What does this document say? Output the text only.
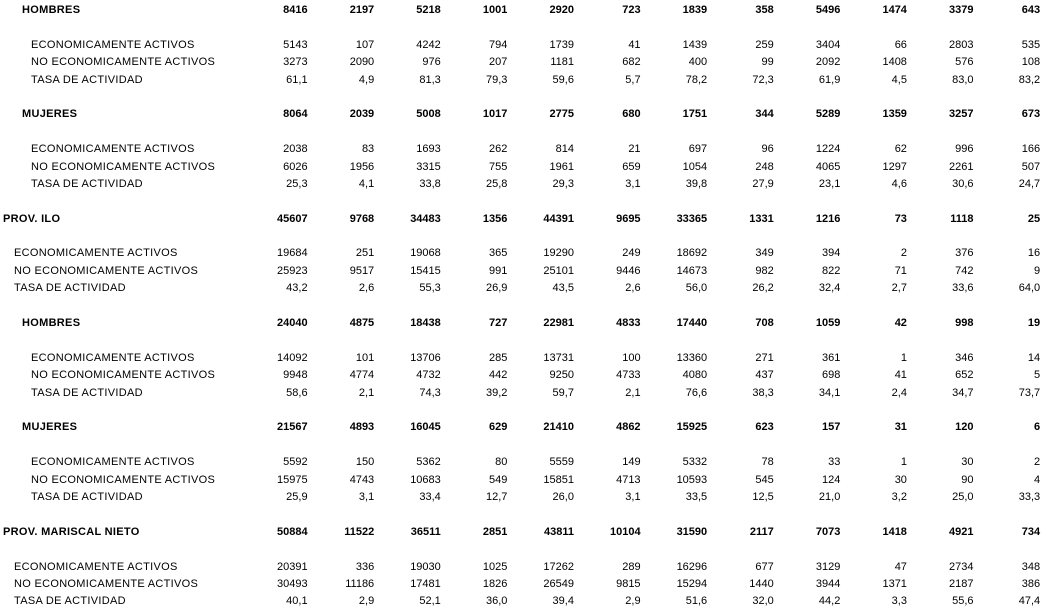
HOMBRES	8416	2197	5218	1001	2920	723	1839	358	5496	1474	3379	643
ECONOMICAMENTE ACTIVOS	5143	107	4242	794	1739	41	1439	259	3404	66	2803	535
NO ECONOMICAMENTE ACTIVOS	3273	2090	976	207	1181	682	400	99	2092	1408	576	108
TASA DE ACTIVIDAD	61,1	4,9	81,3	79,3	59,6	5,7	78,2	72,3	61,9	4,5	83,0	83,2
MUJERES	8064	2039	5008	1017	2775	680	1751	344	5289	1359	3257	673
ECONOMICAMENTE ACTIVOS	2038	83	1693	262	814	21	697	96	1224	62	996	166
NO ECONOMICAMENTE ACTIVOS	6026	1956	3315	755	1961	659	1054	248	4065	1297	2261	507
TASA DE ACTIVIDAD	25,3	4,1	33,8	25,8	29,3	3,1	39,8	27,9	23,1	4,6	30,6	24,7
PROV. ILO	45607	9768	34483	1356	44391	9695	33365	1331	1216	73	1118	25
ECONOMICAMENTE ACTIVOS	19684	251	19068	365	19290	249	18692	349	394	2	376	16
NO ECONOMICAMENTE ACTIVOS	25923	9517	15415	991	25101	9446	14673	982	822	71	742	9
TASA DE ACTIVIDAD	43,2	2,6	55,3	26,9	43,5	2,6	56,0	26,2	32,4	2,7	33,6	64,0
HOMBRES	24040	4875	18438	727	22981	4833	17440	708	1059	42	998	19
ECONOMICAMENTE ACTIVOS	14092	101	13706	285	13731	100	13360	271	361	1	346	14
NO ECONOMICAMENTE ACTIVOS	9948	4774	4732	442	9250	4733	4080	437	698	41	652	5
TASA DE ACTIVIDAD	58,6	2,1	74,3	39,2	59,7	2,1	76,6	38,3	34,1	2,4	34,7	73,7
MUJERES	21567	4893	16045	629	21410	4862	15925	623	157	31	120	6
ECONOMICAMENTE ACTIVOS	5592	150	5362	80	5559	149	5332	78	33	1	30	2
NO ECONOMICAMENTE ACTIVOS	15975	4743	10683	549	15851	4713	10593	545	124	30	90	4
TASA DE ACTIVIDAD	25,9	3,1	33,4	12,7	26,0	3,1	33,5	12,5	21,0	3,2	25,0	33,3
PROV. MARISCAL NIETO	50884	11522	36511	2851	43811	10104	31590	2117	7073	1418	4921	734
ECONOMICAMENTE ACTIVOS	20391	336	19030	1025	17262	289	16296	677	3129	47	2734	348
NO ECONOMICAMENTE ACTIVOS	30493	11186	17481	1826	26549	9815	15294	1440	3944	1371	2187	386
TASA DE ACTIVIDAD	40,1	2,9	52,1	36,0	39,4	2,9	51,6	32,0	44,2	3,3	55,6	47,4
